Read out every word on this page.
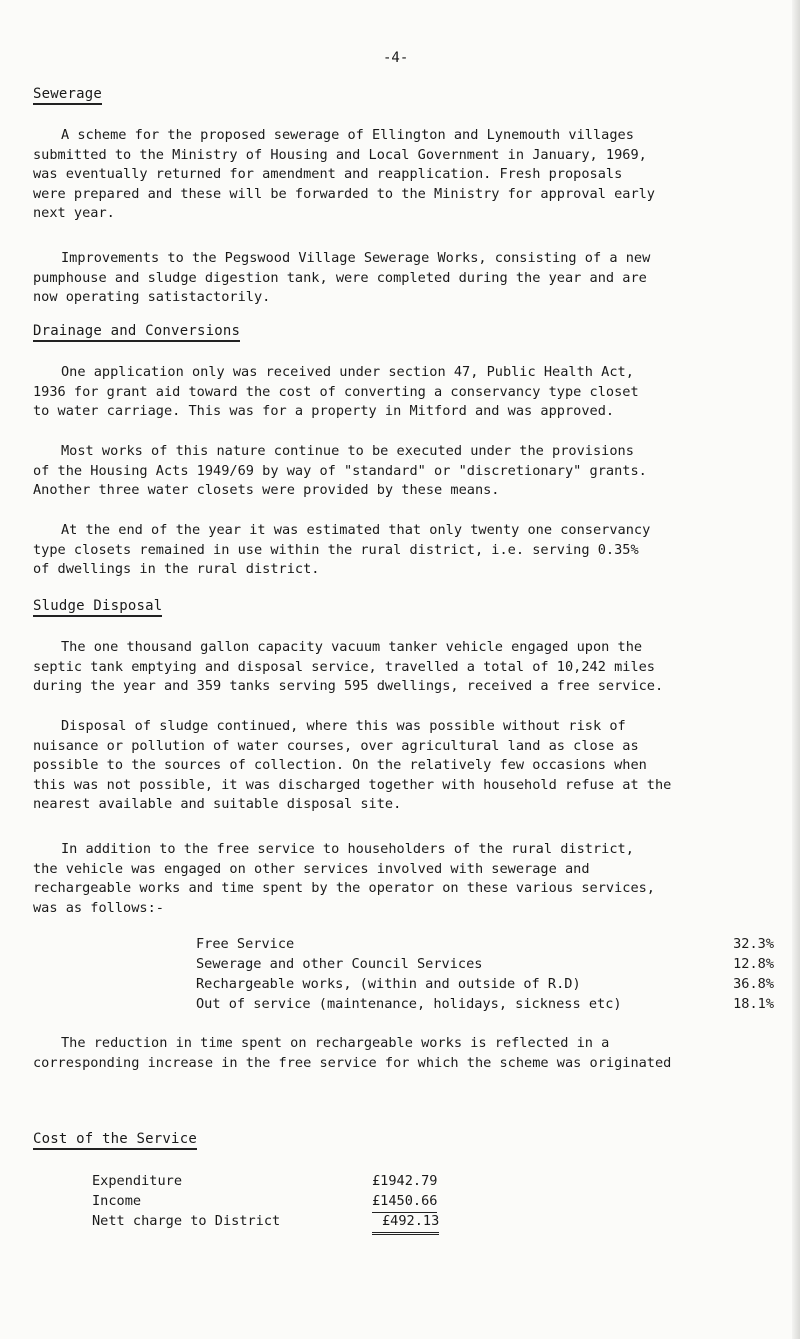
-4-
Sewerage
A scheme for the proposed sewerage of Ellington and Lynemouth villages
submitted to the Ministry of Housing and Local Government in January, 1969,
was eventually returned for amendment and reapplication. Fresh proposals
were prepared and these will be forwarded to the Ministry for approval early
next year.
Improvements to the Pegswood Village Sewerage Works, consisting of a new
pumphouse and sludge digestion tank, were completed during the year and are
now operating satistactorily.
Drainage and Conversions
One application only was received under section 47, Public Health Act,
1936 for grant aid toward the cost of converting a conservancy type closet
to water carriage. This was for a property in Mitford and was approved.
Most works of this nature continue to be executed under the provisions
of the Housing Acts 1949/69 by way of "standard" or "discretionary" grants.
Another three water closets were provided by these means.
At the end of the year it was estimated that only twenty one conservancy
type closets remained in use within the rural district, i.e. serving 0.35%
of dwellings in the rural district.
Sludge Disposal
The one thousand gallon capacity vacuum tanker vehicle engaged upon the
septic tank emptying and disposal service, travelled a total of 10,242 miles
during the year and 359 tanks serving 595 dwellings, received a free service.
Disposal of sludge continued, where this was possible without risk of
nuisance or pollution of water courses, over agricultural land as close as
possible to the sources of collection. On the relatively few occasions when
this was not possible, it was discharged together with household refuse at the
nearest available and suitable disposal site.
In addition to the free service to householders of the rural district,
the vehicle was engaged on other services involved with sewerage and
rechargeable works and time spent by the operator on these various services,
was as follows:-
Free Service	32.3%
Sewerage and other Council Services	12.8%
Rechargeable works, (within and outside of R.D)	36.8%
Out of service (maintenance, holidays, sickness etc)	18.1%
The reduction in time spent on rechargeable works is reflected in a
corresponding increase in the free service for which the scheme was originated
Cost of the Service
Expenditure	£1942.79
Income	£1450.66
Nett charge to District	£492.13
